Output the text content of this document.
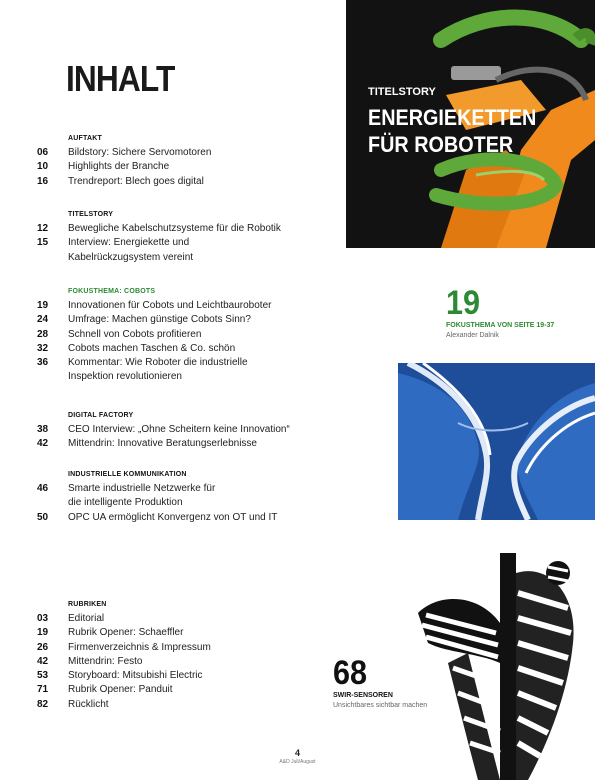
INHALT
AUFTAKT
06	Bildstory: Sichere Servomotoren
10	Highlights der Branche
16	Trendreport: Blech goes digital
TITELSTORY
12	Bewegliche Kabelschutzsysteme für die Robotik
15	Interview: Energiekette und
Kabelrückzugsystem vereint
FOKUSTHEMA: COBOTS
19	Innovationen für Cobots und Leichtbauroboter
24	Umfrage: Machen günstige Cobots Sinn?
28	Schnell von Cobots profitieren
32	Cobots machen Taschen & Co. schön
36	Kommentar: Wie Roboter die industrielle
Inspektion revolutionieren
DIGITAL FACTORY
38	CEO Interview: „Ohne Scheitern keine Innovation“
42	Mittendrin: Innovative Beratungserlebnisse
INDUSTRIELLE KOMMUNIKATION
46	Smarte industrielle Netzwerke für
die intelligente Produktion
50	OPC UA ermöglicht Konvergenz von OT und IT
RUBRIKEN
03	Editorial
19	Rubrik Opener: Schaeffler
26	Firmenverzeichnis & Impressum
42	Mittendrin: Festo
53	Storyboard: Mitsubishi Electric
71	Rubrik Opener: Panduit
82	Rücklicht
TITELSTORY
ENERGIEKETTEN
FÜR ROBOTER
19
FOKUSTHEMA VON SEITE 19-37
Alexander Dalnik
68
SWIR-SENSOREN
Unsichtbares sichtbar machen
4
A&D Juli/August
